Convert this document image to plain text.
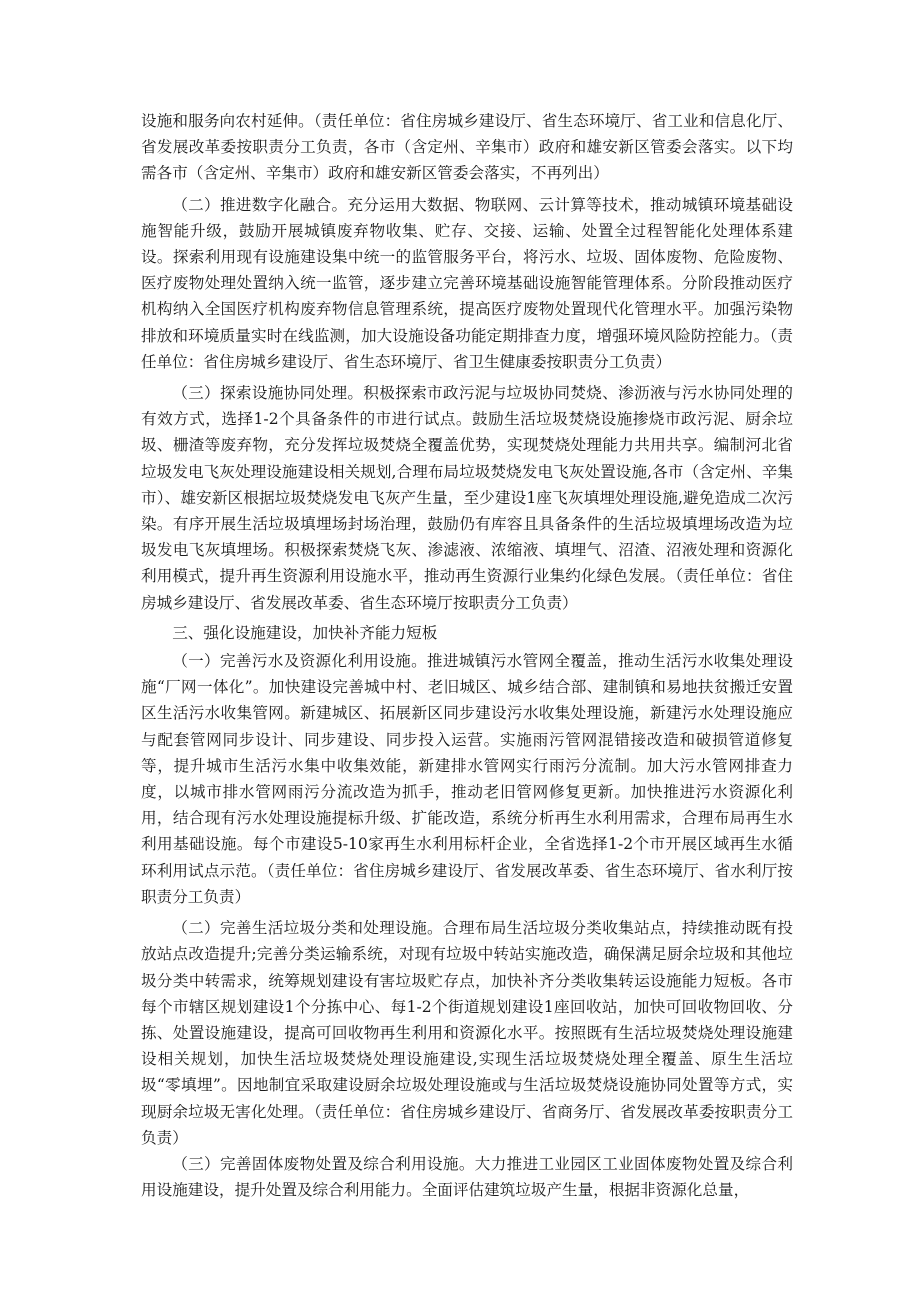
设施和服务向农村延伸。（责任单位：省住房城乡建设厅、省生态环境厅、省工业和信息化厅、省发展改革委按职责分工负责，各市（含定州、辛集市）政府和雄安新区管委会落实。以下均需各市（含定州、辛集市）政府和雄安新区管委会落实，不再列出）

（二）推进数字化融合。充分运用大数据、物联网、云计算等技术，推动城镇环境基础设施智能升级，鼓励开展城镇废弃物收集、贮存、交接、运输、处置全过程智能化处理体系建设。探索利用现有设施建设集中统一的监管服务平台，将污水、垃圾、固体废物、危险废物、医疗废物处理处置纳入统一监管，逐步建立完善环境基础设施智能管理体系。分阶段推动医疗机构纳入全国医疗机构废弃物信息管理系统，提高医疗废物处置现代化管理水平。加强污染物排放和环境质量实时在线监测，加大设施设备功能定期排查力度，增强环境风险防控能力。（责任单位：省住房城乡建设厅、省生态环境厅、省卫生健康委按职责分工负责）

（三）探索设施协同处理。积极探索市政污泥与垃圾协同焚烧、渗沥液与污水协同处理的有效方式，选择1-2个具备条件的市进行试点。鼓励生活垃圾焚烧设施掺烧市政污泥、厨余垃圾、栅渣等废弃物，充分发挥垃圾焚烧全覆盖优势，实现焚烧处理能力共用共享。编制河北省垃圾发电飞灰处理设施建设相关规划,合理布局垃圾焚烧发电飞灰处置设施,各市（含定州、辛集市）、雄安新区根据垃圾焚烧发电飞灰产生量，至少建设1座飞灰填埋处理设施,避免造成二次污染。有序开展生活垃圾填埋场封场治理，鼓励仍有库容且具备条件的生活垃圾填埋场改造为垃圾发电飞灰填埋场。积极探索焚烧飞灰、渗滤液、浓缩液、填埋气、沼渣、沼液处理和资源化利用模式，提升再生资源利用设施水平，推动再生资源行业集约化绿色发展。（责任单位：省住房城乡建设厅、省发展改革委、省生态环境厅按职责分工负责）

三、强化设施建设，加快补齐能力短板

（一）完善污水及资源化利用设施。推进城镇污水管网全覆盖，推动生活污水收集处理设施“厂网一体化”。加快建设完善城中村、老旧城区、城乡结合部、建制镇和易地扶贫搬迁安置区生活污水收集管网。新建城区、拓展新区同步建设污水收集处理设施，新建污水处理设施应与配套管网同步设计、同步建设、同步投入运营。实施雨污管网混错接改造和破损管道修复等，提升城市生活污水集中收集效能，新建排水管网实行雨污分流制。加大污水管网排查力度，以城市排水管网雨污分流改造为抓手，推动老旧管网修复更新。加快推进污水资源化利用，结合现有污水处理设施提标升级、扩能改造，系统分析再生水利用需求，合理布局再生水利用基础设施。每个市建设5-10家再生水利用标杆企业，全省选择1-2个市开展区域再生水循环利用试点示范。（责任单位：省住房城乡建设厅、省发展改革委、省生态环境厅、省水利厅按职责分工负责）

（二）完善生活垃圾分类和处理设施。合理布局生活垃圾分类收集站点，持续推动既有投放站点改造提升;完善分类运输系统，对现有垃圾中转站实施改造，确保满足厨余垃圾和其他垃圾分类中转需求，统筹规划建设有害垃圾贮存点，加快补齐分类收集转运设施能力短板。各市每个市辖区规划建设1个分拣中心、每1-2个街道规划建设1座回收站，加快可回收物回收、分拣、处置设施建设，提高可回收物再生利用和资源化水平。按照既有生活垃圾焚烧处理设施建设相关规划，加快生活垃圾焚烧处理设施建设,实现生活垃圾焚烧处理全覆盖、原生生活垃圾“零填埋”。因地制宜采取建设厨余垃圾处理设施或与生活垃圾焚烧设施协同处置等方式，实现厨余垃圾无害化处理。（责任单位：省住房城乡建设厅、省商务厅、省发展改革委按职责分工负责）

（三）完善固体废物处置及综合利用设施。大力推进工业园区工业固体废物处置及综合利用设施建设，提升处置及综合利用能力。全面评估建筑垃圾产生量，根据非资源化总量，
